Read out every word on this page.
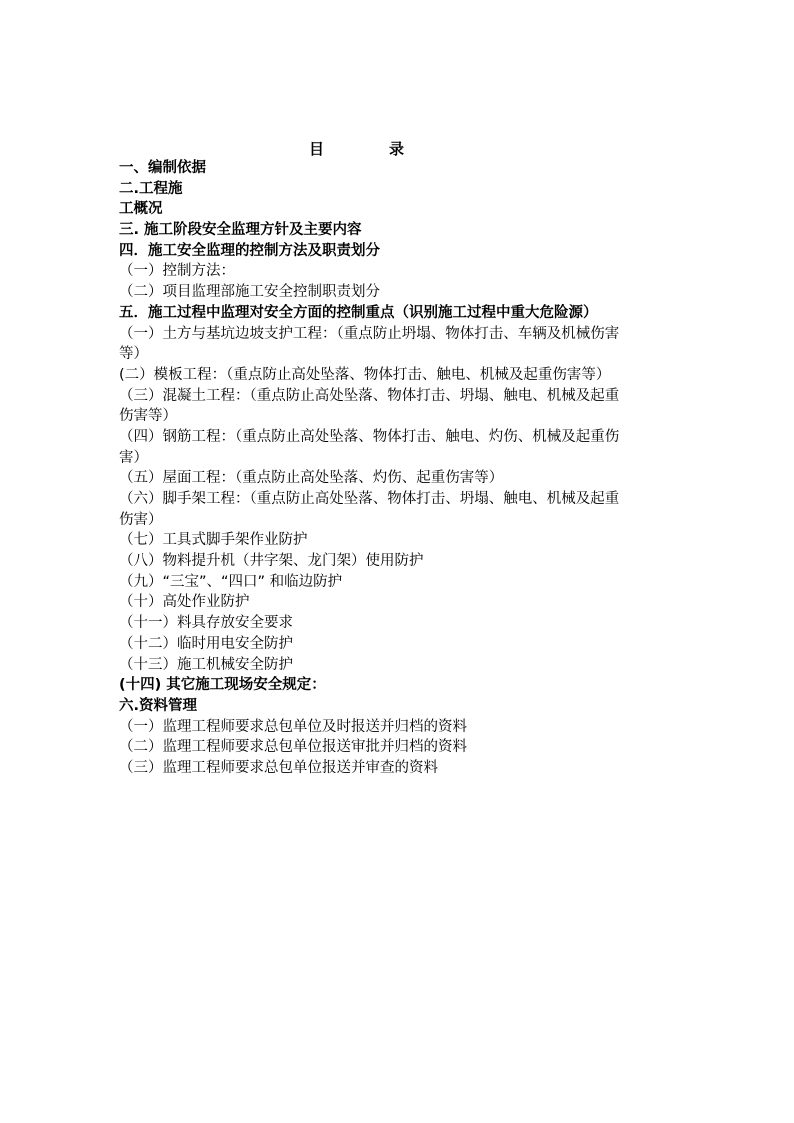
目	录
一、编制依据
二.工程施
工概况
三. 施工阶段安全监理方针及主要内容
四．施工安全监理的控制方法及职责划分
（一）控制方法：
（二）项目监理部施工安全控制职责划分
五．施工过程中监理对安全方面的控制重点（识别施工过程中重大危险源）
（一）土方与基坑边坡支护工程：（重点防止坍塌、物体打击、车辆及机械伤害
等）
(二）模板工程：（重点防止高处坠落、物体打击、触电、机械及起重伤害等）
（三）混凝土工程：（重点防止高处坠落、物体打击、坍塌、触电、机械及起重
伤害等）
（四）钢筋工程：（重点防止高处坠落、物体打击、触电、灼伤、机械及起重伤
害）
（五）屋面工程：（重点防止高处坠落、灼伤、起重伤害等）
（六）脚手架工程：（重点防止高处坠落、物体打击、坍塌、触电、机械及起重
伤害）
（七）工具式脚手架作业防护
（八）物料提升机（井字架、龙门架）使用防护
（九）“三宝”、“四口” 和临边防护
（十）高处作业防护
（十一）料具存放安全要求
（十二）临时用电安全防护
（十三）施工机械安全防护
(十四) 其它施工现场安全规定：
六.资料管理
（一）监理工程师要求总包单位及时报送并归档的资料
（二）监理工程师要求总包单位报送审批并归档的资料
（三）监理工程师要求总包单位报送并审查的资料
